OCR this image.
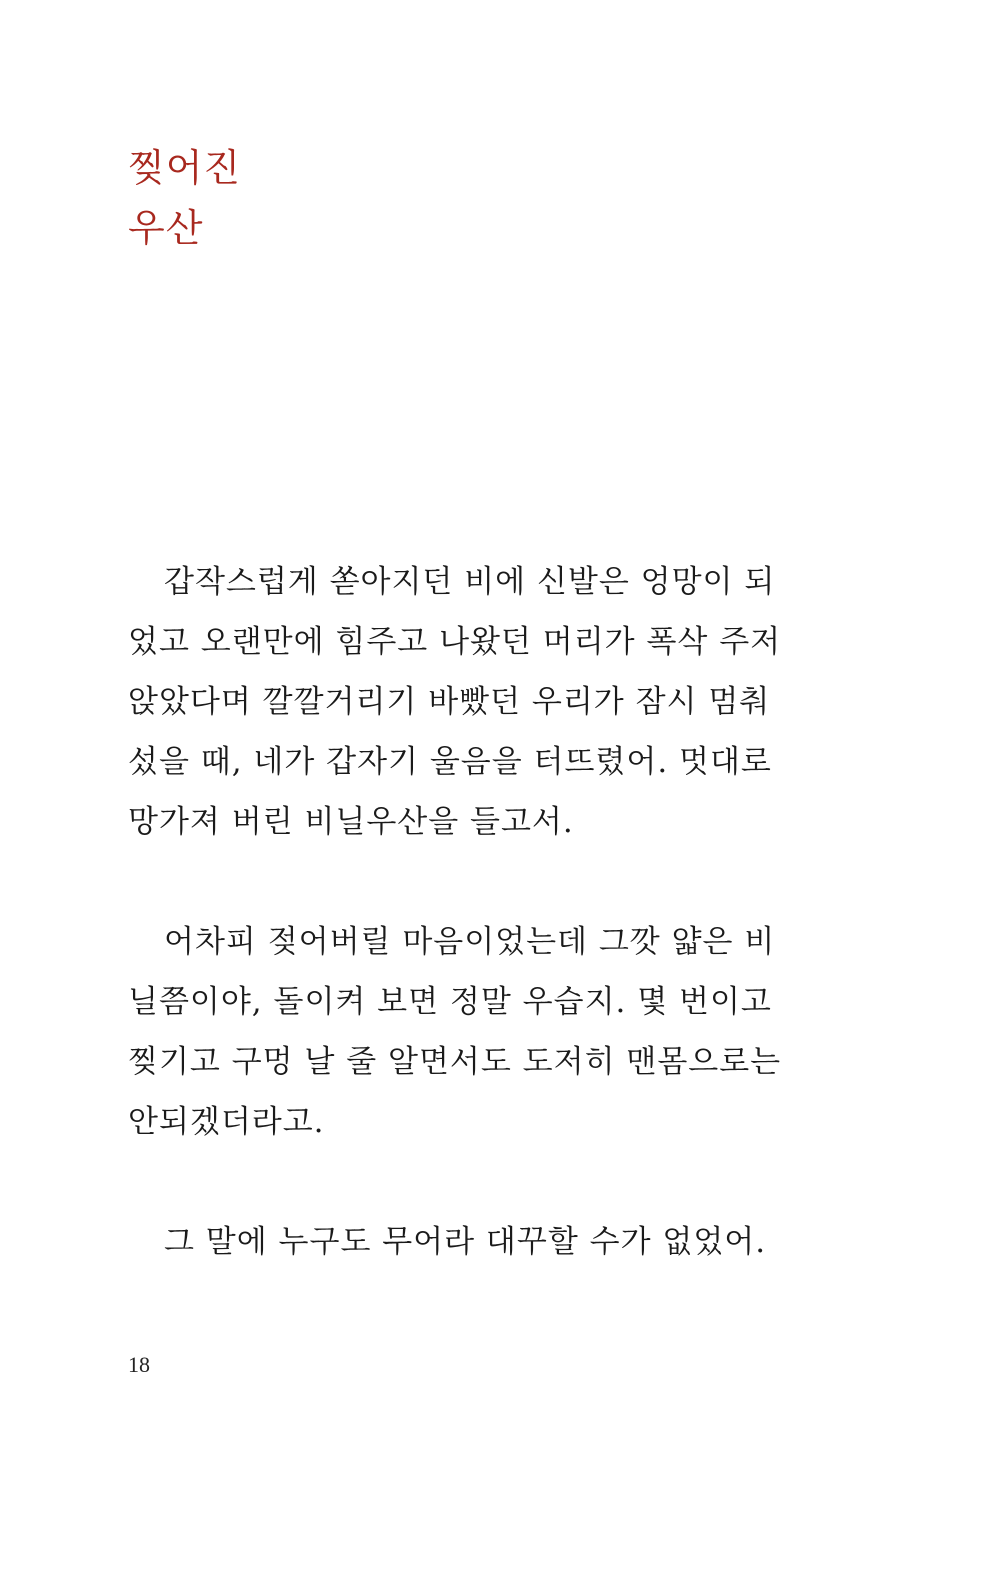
찢어진
우산
갑작스럽게 쏟아지던 비에 신발은 엉망이 되
었고 오랜만에 힘주고 나왔던 머리가 폭삭 주저
앉았다며 깔깔거리기 바빴던 우리가 잠시 멈춰
섰을 때, 네가 갑자기 울음을 터뜨렸어. 멋대로
망가져 버린 비닐우산을 들고서.
어차피 젖어버릴 마음이었는데 그깟 얇은 비
닐쯤이야, 돌이켜 보면 정말 우습지. 몇 번이고
찢기고 구멍 날 줄 알면서도 도저히 맨몸으로는
안되겠더라고.
그 말에 누구도 무어라 대꾸할 수가 없었어.
18
